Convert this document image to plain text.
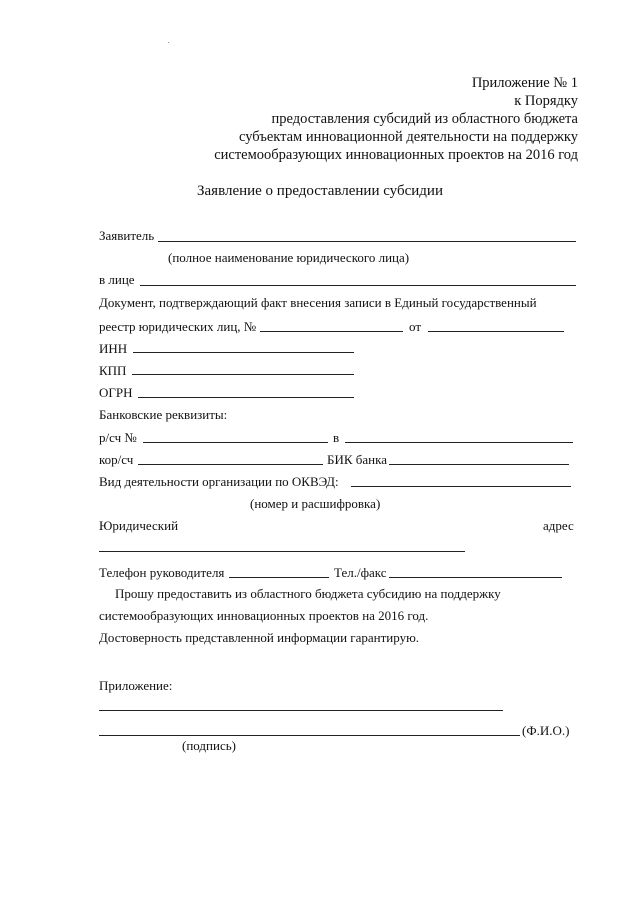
Приложение № 1
к Порядку
предоставления субсидий из областного бюджета
субъектам инновационной деятельности на поддержку
системообразующих инновационных проектов на 2016 год
Заявление о предоставлении субсидии
Заявитель
(полное наименование юридического лица)
в лице
Документ, подтверждающий факт внесения записи в Единый государственный
реестр юридических лиц, №	от
ИНН
КПП
ОГРН
Банковские реквизиты:
р/сч №	в
кор/сч	БИК банка
Вид деятельности организации по ОКВЭД:
(номер и расшифровка)
Юридический	адрес
Телефон руководителя	Тел./факс
Прошу предоставить из областного бюджета субсидию на поддержку
системообразующих инновационных проектов на 2016 год.
Достоверность представленной информации гарантирую.
Приложение:
(Ф.И.О.)
(подпись)
